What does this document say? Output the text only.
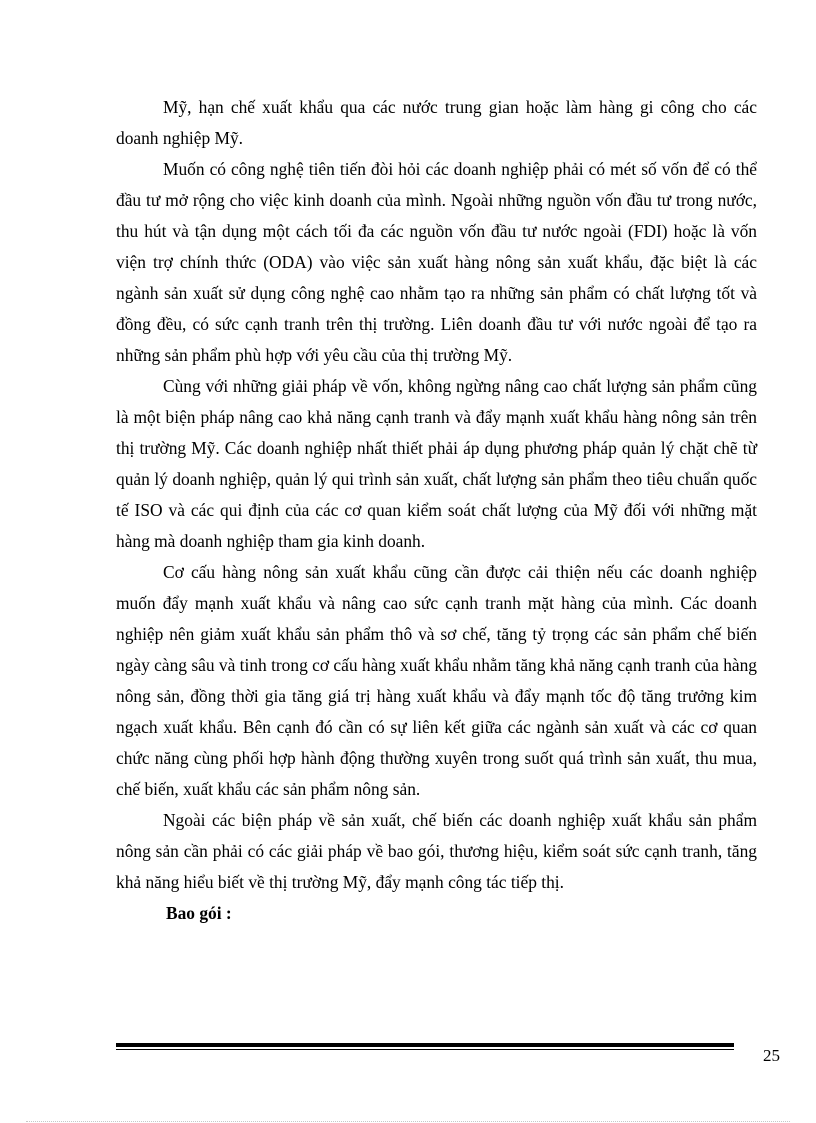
Mỹ, hạn chế xuất khẩu qua các nước trung gian hoặc làm hàng gi công cho các doanh nghiệp Mỹ.

Muốn có công nghệ tiên tiến đòi hỏi các doanh nghiệp phải có mét số vốn để có thể đầu tư mở rộng cho việc kinh doanh của mình. Ngoài những nguồn vốn đầu tư trong nước, thu hút và tận dụng một cách tối đa các nguồn vốn đầu tư nước ngoài (FDI) hoặc là vốn viện trợ chính thức (ODA) vào việc sản xuất hàng nông sản xuất khẩu, đặc biệt là các ngành sản xuất sử dụng công nghệ cao nhằm tạo ra những sản phẩm có chất lượng tốt và đồng đều, có sức cạnh tranh trên thị trường. Liên doanh đầu tư với nước ngoài để tạo ra những sản phẩm phù hợp với yêu cầu của thị trường Mỹ.

Cùng với những giải pháp về vốn, không ngừng nâng cao chất lượng sản phẩm cũng là một biện pháp nâng cao khả năng cạnh tranh và đẩy mạnh xuất khẩu hàng nông sản trên thị trường Mỹ. Các doanh nghiệp nhất thiết phải áp dụng phương pháp quản lý chặt chẽ từ quản lý doanh nghiệp, quản lý qui trình sản xuất, chất lượng sản phẩm theo tiêu chuẩn quốc tế ISO và các qui định của các cơ quan kiểm soát chất lượng của Mỹ đối với những mặt hàng mà doanh nghiệp tham gia kinh doanh.

Cơ cấu hàng nông sản xuất khẩu cũng cần được cải thiện nếu các doanh nghiệp muốn đẩy mạnh xuất khẩu và nâng cao sức cạnh tranh mặt hàng của mình. Các doanh nghiệp nên giảm xuất khẩu sản phẩm thô và sơ chế, tăng tỷ trọng các sản phẩm chế biến ngày càng sâu và tinh trong cơ cấu hàng xuất khẩu nhằm tăng khả năng cạnh tranh của hàng nông sản, đồng thời gia tăng giá trị hàng xuất khẩu và đẩy mạnh tốc độ tăng trưởng kim ngạch xuất khẩu. Bên cạnh đó cần có sự liên kết giữa các ngành sản xuất và các cơ quan chức năng cùng phối hợp hành động thường xuyên trong suốt quá trình sản xuất, thu mua, chế biến, xuất khẩu các sản phẩm nông sản.

Ngoài các biện pháp về sản xuất, chế biến các doanh nghiệp xuất khẩu sản phẩm nông sản cần phải có các giải pháp về bao gói, thương hiệu, kiểm soát sức cạnh tranh, tăng khả năng hiểu biết về thị trường Mỹ, đẩy mạnh công tác tiếp thị.

Bao gói :

25
